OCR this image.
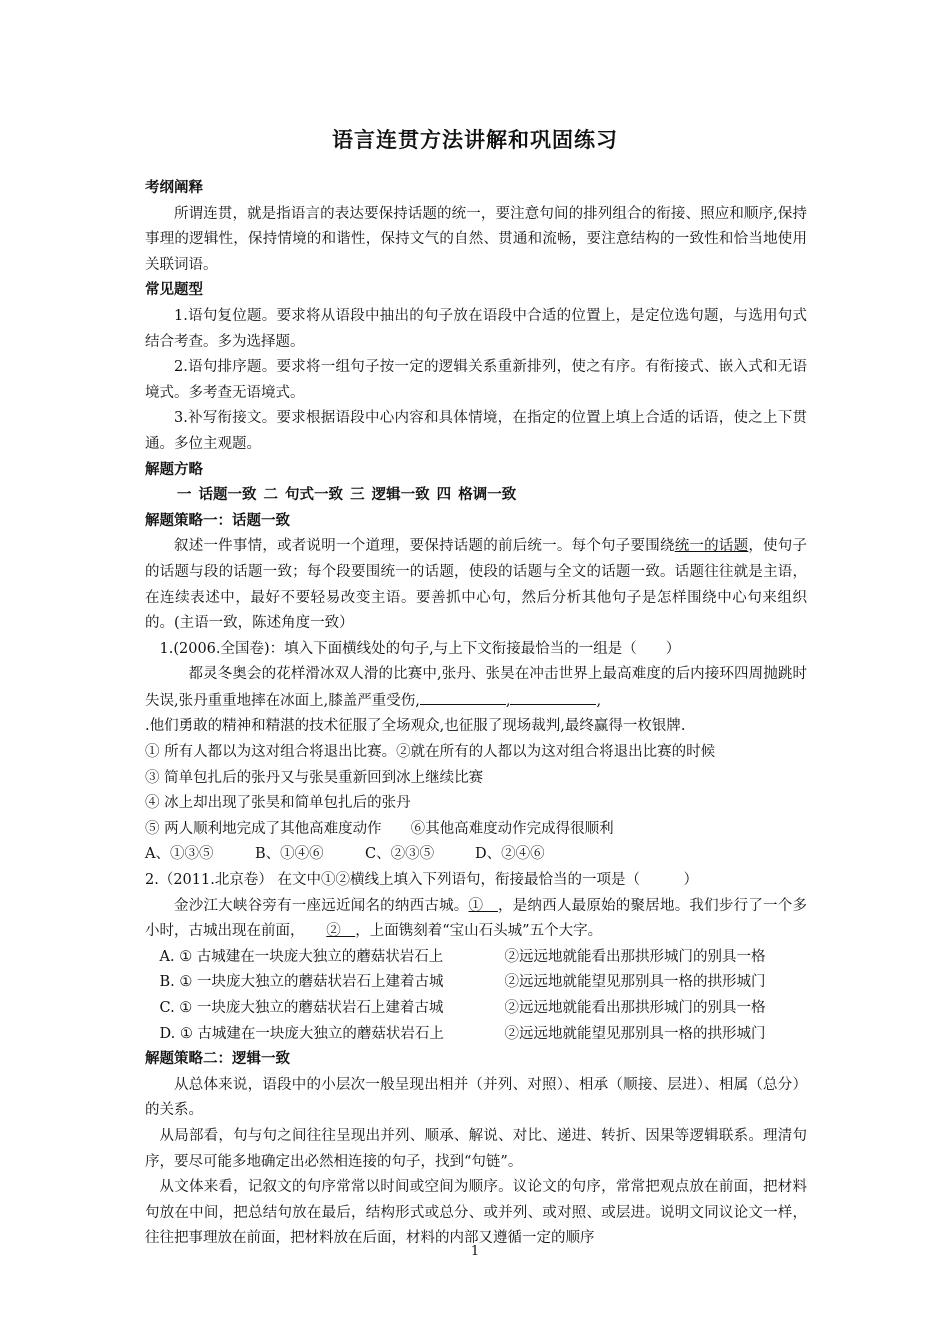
语言连贯方法讲解和巩固练习

考纲阐释

所谓连贯，就是指语言的表达要保持话题的统一，要注意句间的排列组合的衔接、照应和顺序,保持事理的逻辑性，保持情境的和谐性，保持文气的自然、贯通和流畅，要注意结构的一致性和恰当地使用关联词语。

常见题型

1.语句复位题。要求将从语段中抽出的句子放在语段中合适的位置上，是定位选句题，与选用句式结合考查。多为选择题。

2.语句排序题。要求将一组句子按一定的逻辑关系重新排列，使之有序。有衔接式、嵌入式和无语境式。多考查无语境式。

3.补写衔接文。要求根据语段中心内容和具体情境，在指定的位置上填上合适的话语，使之上下贯通。多位主观题。

解题方略

一 话题一致 二 句式一致 三 逻辑一致 四 格调一致

解题策略一：话题一致

叙述一件事情，或者说明一个道理，要保持话题的前后统一。每个句子要围绕统一的话题，使句子的话题与段的话题一致；每个段要围统一的话题，使段的话题与全文的话题一致。话题往往就是主语，在连续表述中，最好不要轻易改变主语。要善抓中心句，然后分析其他句子是怎样围绕中心句来组织的。(主语一致，陈述角度一致）

1.(2006.全国卷)：填入下面横线处的句子,与上下文衔接最恰当的一组是（　　）

都灵冬奥会的花样滑冰双人滑的比赛中,张丹、张昊在冲击世界上最高难度的后内接环四周抛跳时失误,张丹重重地摔在冰面上,膝盖严重受伤,	,	,

.他们勇敢的精神和精湛的技术征服了全场观众,也征服了现场裁判,最终赢得一枚银牌.

① 所有人都以为这对组合将退出比赛。②就在所有的人都以为这对组合将退出比赛的时候

③ 简单包扎后的张丹又与张昊重新回到冰上继续比赛

④ 冰上却出现了张昊和简单包扎后的张丹

⑤ 两人顺利地完成了其他高难度动作　　⑥其他高难度动作完成得很顺利

A、①③⑤	B、①④⑥	C、②③⑤	D、②④⑥

2.（2011.北京卷） 在文中①②横线上填入下列语句，衔接最恰当的一项是（　　　）

金沙江大峡谷旁有一座远近闻名的纳西古城。①　，是纳西人最原始的聚居地。我们步行了一个多小时，古城出现在前面，　　②　，上面镌刻着“宝山石头城”五个大字。

A. ① 古城建在一块庞大独立的蘑菇状岩石上	②远远地就能看出那拱形城门的别具一格

B. ① 一块庞大独立的蘑菇状岩石上建着古城	②远远地就能望见那别具一格的拱形城门

C. ① 一块庞大独立的蘑菇状岩石上建着古城	②远远地就能看出那拱形城门的别具一格

D. ① 古城建在一块庞大独立的蘑菇状岩石上	②远远地就能望见那别具一格的拱形城门

解题策略二：逻辑一致

从总体来说，语段中的小层次一般呈现出相并（并列、对照）、相承（顺接、层进）、相属（总分）的关系。

从局部看，句与句之间往往呈现出并列、顺承、解说、对比、递进、转折、因果等逻辑联系。理清句序，要尽可能多地确定出必然相连接的句子，找到“句链”。

从文体来看，记叙文的句序常常以时间或空间为顺序。议论文的句序，常常把观点放在前面，把材料句放在中间，把总结句放在最后，结构形式或总分、或并列、或对照、或层进。说明文同议论文一样， 往往把事理放在前面，把材料放在后面，材料的内部又遵循一定的顺序

1
